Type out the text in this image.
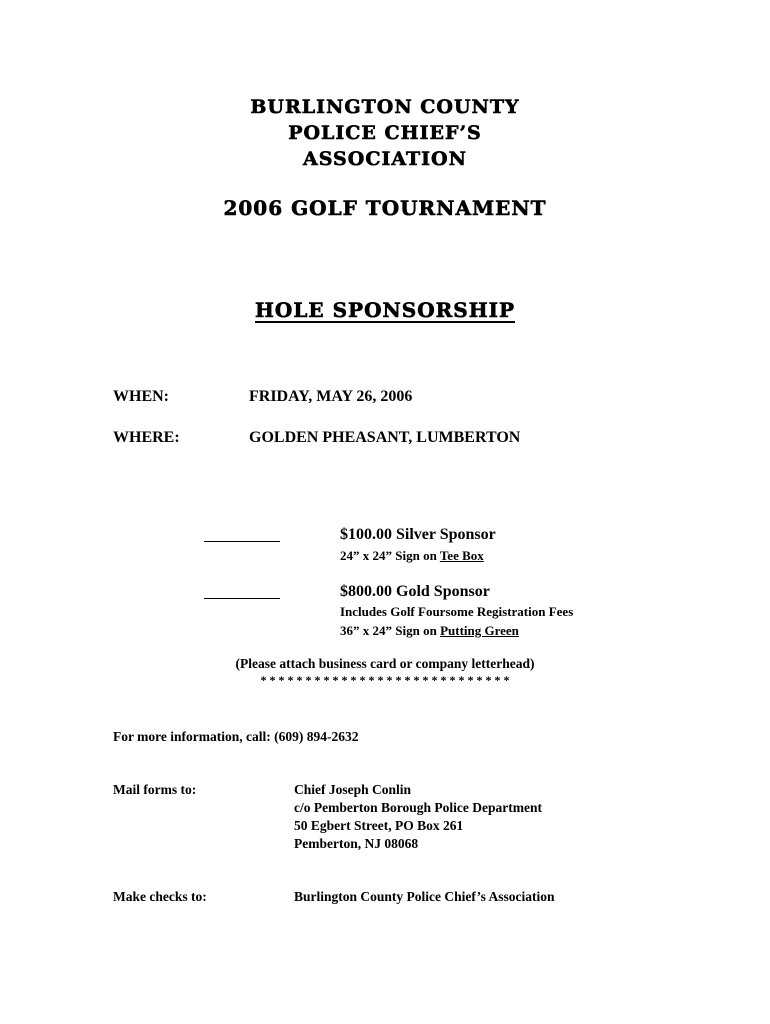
BURLINGTON COUNTY
POLICE CHIEF’S
ASSOCIATION
2006 GOLF TOURNAMENT
HOLE SPONSORSHIP
WHEN:	FRIDAY, MAY 26, 2006
WHERE:	GOLDEN PHEASANT, LUMBERTON
$100.00 Silver Sponsor
24” x 24” Sign on Tee Box
$800.00 Gold Sponsor
Includes Golf Foursome Registration Fees
36” x 24” Sign on Putting Green
(Please attach business card or company letterhead)
* * * * * * * * * * * * * * * * * * * * * * * * * * * *
For more information, call: (609) 894-2632
Mail forms to:	Chief Joseph Conlin
c/o Pemberton Borough Police Department
50 Egbert Street, PO Box 261
Pemberton, NJ 08068
Make checks to:	Burlington County Police Chief’s Association
